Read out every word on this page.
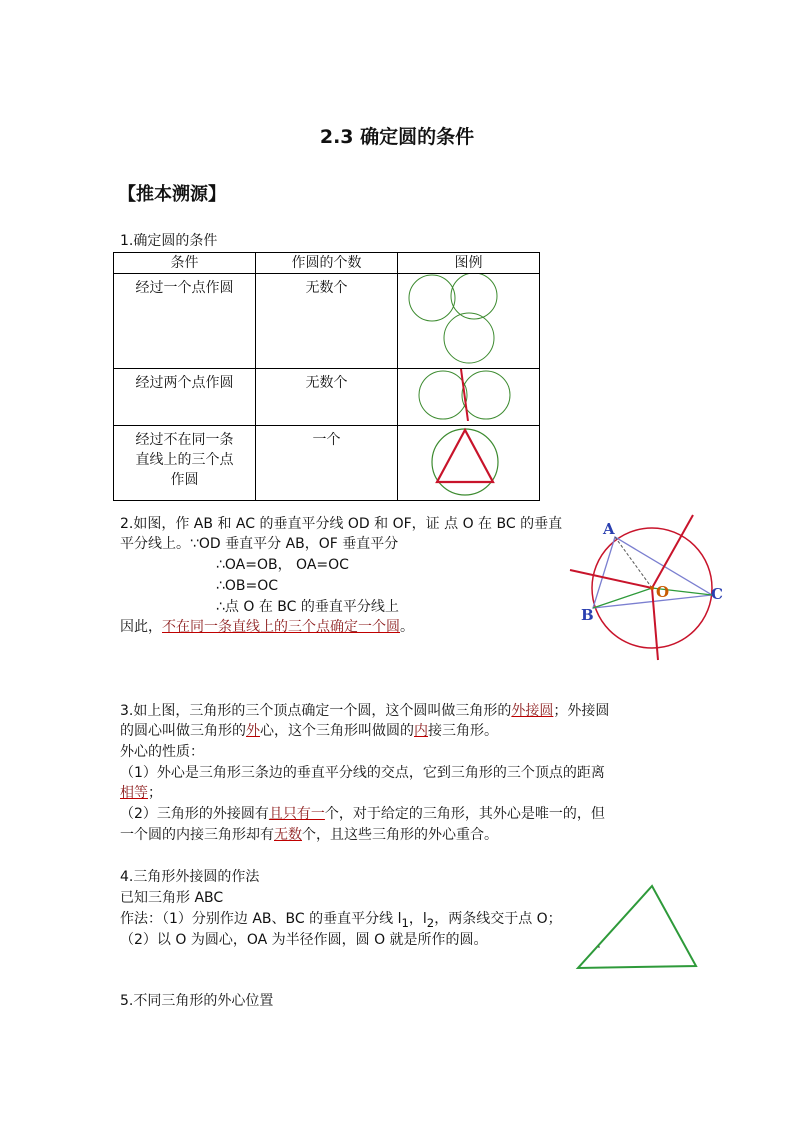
2.3 确定圆的条件
【推本溯源】
1.确定圆的条件
条件	作圆的个数	图例

经过一个点作圆	无数个

经过两个点作圆	无数个

经过不在同一条
直线上的三个点
作圆	一个

2.如图，作 AB 和 AC 的垂直平分线 OD 和 OF，证 点 O 在 BC 的垂直
平分线上。∵OD 垂直平分 AB，OF 垂直平分
∴OA=OB， OA=OC
∴OB=OC
∴点 O 在 BC 的垂直平分线上
因此，不在同一条直线上的三个点确定一个圆。
A
B
C
O
3.如上图，三角形的三个顶点确定一个圆，这个圆叫做三角形的外接圆；外接圆
的圆心叫做三角形的外心，这个三角形叫做圆的内接三角形。
外心的性质：
（1）外心是三角形三条边的垂直平分线的交点，它到三角形的三个顶点的距离
相等；
（2）三角形的外接圆有且只有一个，对于给定的三角形，其外心是唯一的，但
一个圆的内接三角形却有无数个，且这些三角形的外心重合。
4.三角形外接圆的作法
已知三角形 ABC
作法：（1）分别作边 AB、BC 的垂直平分线 $l_1$，$l_2$，两条线交于点 O；
（2）以 O 为圆心，OA 为半径作圆，圆 O 就是所作的圆。
5.不同三角形的外心位置
